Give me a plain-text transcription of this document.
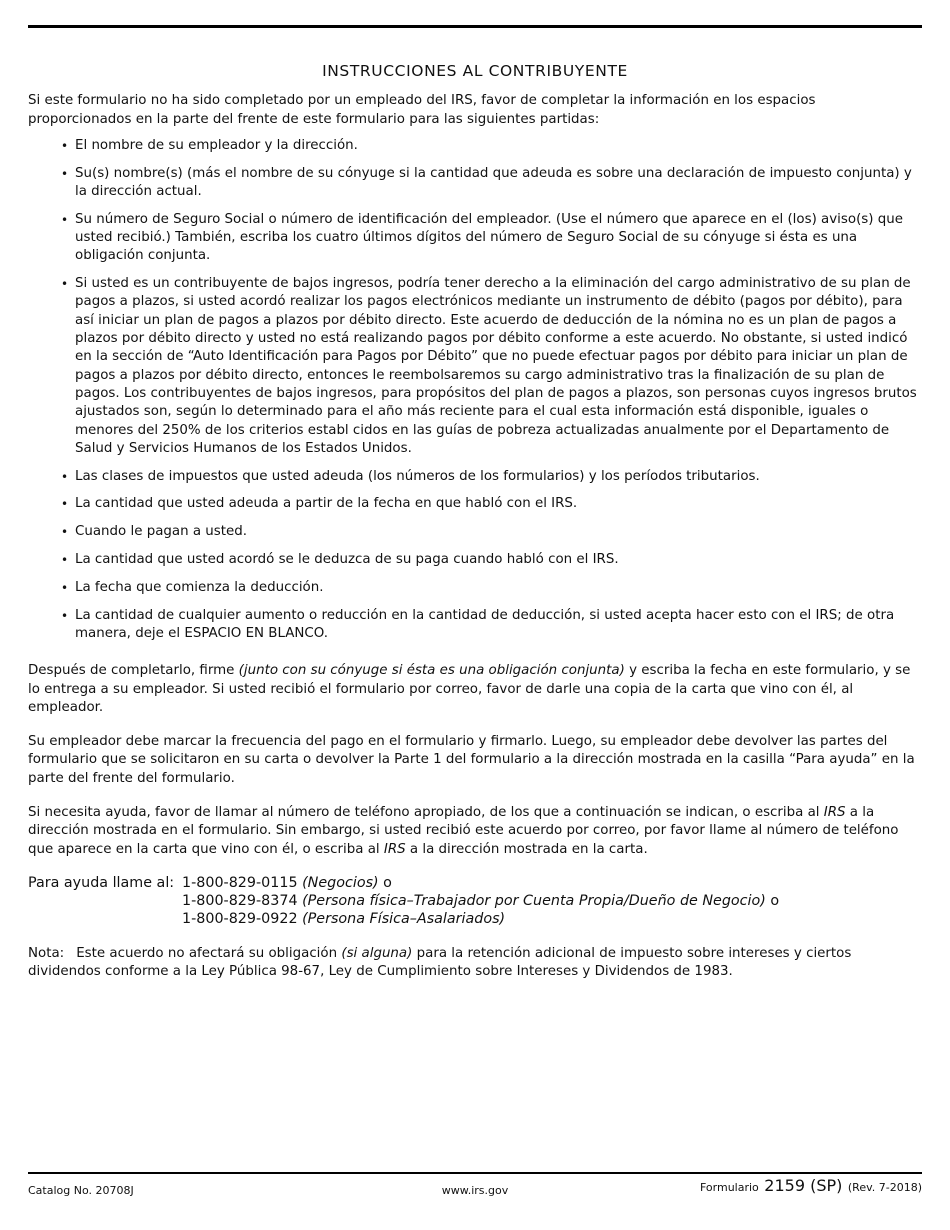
INSTRUCCIONES AL CONTRIBUYENTE

Si este formulario no ha sido completado por un empleado del IRS, favor de completar la información en los espacios proporcionados en la parte del frente de este formulario para las siguientes partidas:

• El nombre de su empleador y la dirección.
• Su(s) nombre(s) (más el nombre de su cónyuge si la cantidad que adeuda es sobre una declaración de impuesto conjunta) y la dirección actual.
• Su número de Seguro Social o número de identificación del empleador. (Use el número que aparece en el (los) aviso(s) que usted recibió.) También, escriba los cuatro últimos dígitos del número de Seguro Social de su cónyuge si ésta es una obligación conjunta.
• Si usted es un contribuyente de bajos ingresos, podría tener derecho a la eliminación del cargo administrativo de su plan de pagos a plazos, si usted acordó realizar los pagos electrónicos mediante un instrumento de débito (pagos por débito), para así iniciar un plan de pagos a plazos por débito directo. Este acuerdo de deducción de la nómina no es un plan de pagos a plazos por débito directo y usted no está realizando pagos por débito conforme a este acuerdo. No obstante, si usted indicó en la sección de “Auto Identificación para Pagos por Débito” que no puede efectuar pagos por débito para iniciar un plan de pagos a plazos por débito directo, entonces le reembolsaremos su cargo administrativo tras la finalización de su plan de pagos. Los contribuyentes de bajos ingresos, para propósitos del plan de pagos a plazos, son personas cuyos ingresos brutos ajustados son, según lo determinado para el año más reciente para el cual esta información está disponible, iguales o menores del 250% de los criterios establ cidos en las guías de pobreza actualizadas anualmente por el Departamento de Salud y Servicios Humanos de los Estados Unidos.
• Las clases de impuestos que usted adeuda (los números de los formularios) y los períodos tributarios.
• La cantidad que usted adeuda a partir de la fecha en que habló con el IRS.
• Cuando le pagan a usted.
• La cantidad que usted acordó se le deduzca de su paga cuando habló con el IRS.
• La fecha que comienza la deducción.
• La cantidad de cualquier aumento o reducción en la cantidad de deducción, si usted acepta hacer esto con el IRS; de otra manera, deje el ESPACIO EN BLANCO.

Después de completarlo, firme (junto con su cónyuge si ésta es una obligación conjunta) y escriba la fecha en este formulario, y se lo entrega a su empleador. Si usted recibió el formulario por correo, favor de darle una copia de la carta que vino con él, al empleador.

Su empleador debe marcar la frecuencia del pago en el formulario y firmarlo. Luego, su empleador debe devolver las partes del formulario que se solicitaron en su carta o devolver la Parte 1 del formulario a la dirección mostrada en la casilla “Para ayuda” en la parte del frente del formulario.

Si necesita ayuda, favor de llamar al número de teléfono apropiado, de los que a continuación se indican, o escriba al IRS a la dirección mostrada en el formulario. Sin embargo, si usted recibió este acuerdo por correo, por favor llame al número de teléfono que aparece en la carta que vino con él, o escriba al IRS a la dirección mostrada en la carta.

Para ayuda llame al: 1-800-829-0115 (Negocios) o
1-800-829-8374 (Persona física–Trabajador por Cuenta Propia/Dueño de Negocio) o
1-800-829-0922 (Persona Física–Asalariados)

Nota: Este acuerdo no afectará su obligación (si alguna) para la retención adicional de impuesto sobre intereses y ciertos dividendos conforme a la Ley Pública 98-67, Ley de Cumplimiento sobre Intereses y Dividendos de 1983.

Catalog No. 20708J	www.irs.gov	Formulario 2159 (SP) (Rev. 7-2018)
